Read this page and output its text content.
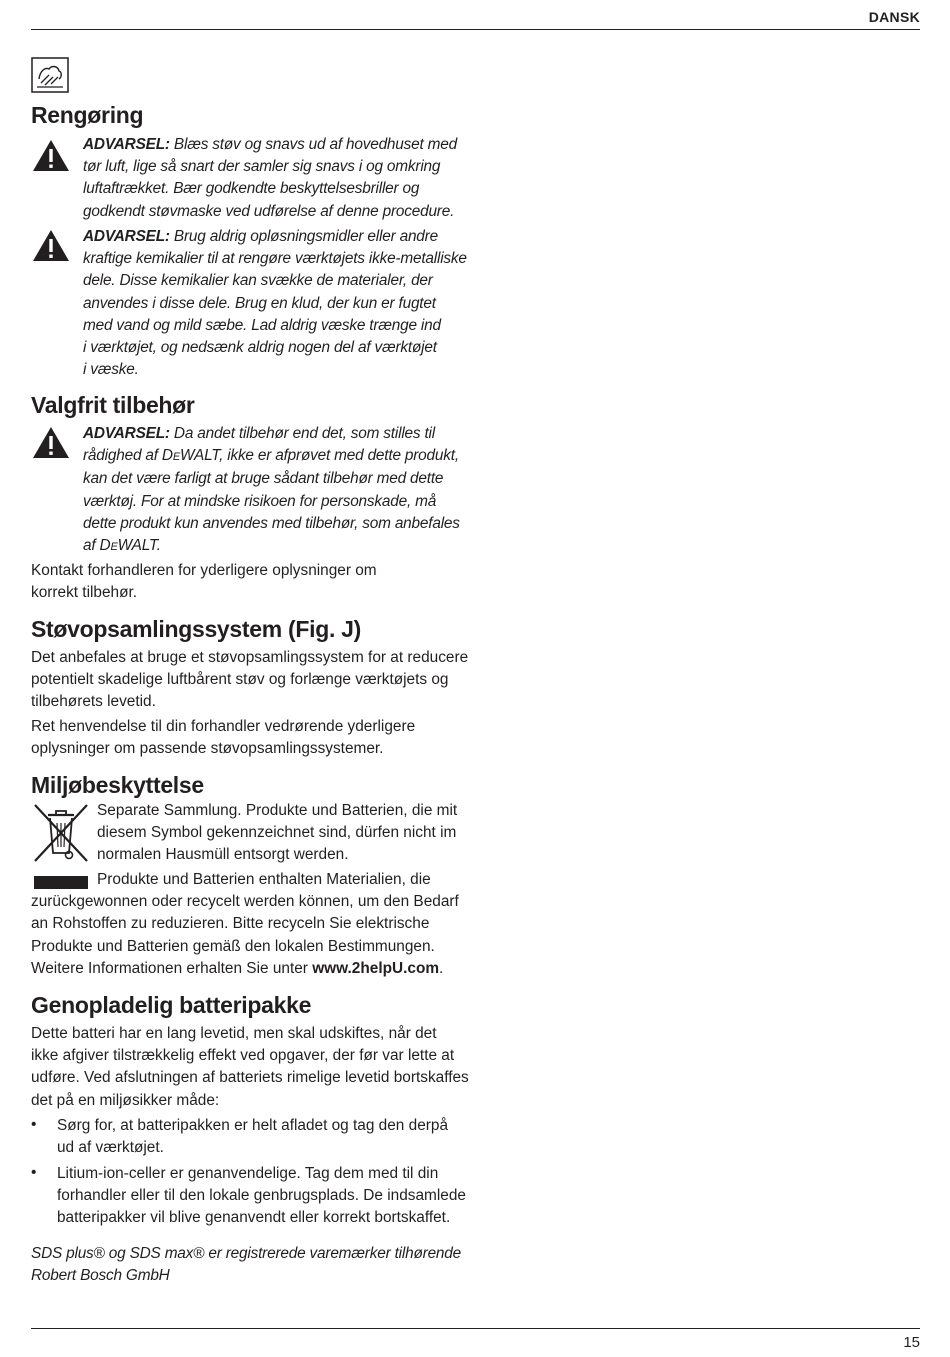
DANSK
15
Rengøring
ADVARSEL: Blæs støv og snavs ud af hovedhuset med
tør luft, lige så snart der samler sig snavs i og omkring
luftaftrækket. Bær godkendte beskyttelsesbriller og
godkendt støvmaske ved udførelse af denne procedure.
ADVARSEL: Brug aldrig opløsningsmidler eller andre
kraftige kemikalier til at rengøre værktøjets ikke-metalliske
dele. Disse kemikalier kan svække de materialer, der
anvendes i disse dele. Brug en klud, der kun er fugtet
med vand og mild sæbe. Lad aldrig væske trænge ind
i værktøjet, og nedsænk aldrig nogen del af værktøjet
i væske.
Valgfrit tilbehør
ADVARSEL: Da andet tilbehør end det, som stilles til
rådighed af DEWALT, ikke er afprøvet med dette produkt,
kan det være farligt at bruge sådant tilbehør med dette
værktøj. For at mindske risikoen for personskade, må
dette produkt kun anvendes med tilbehør, som anbefales
af DEWALT.
Kontakt forhandleren for yderligere oplysninger om
korrekt tilbehør.
Støvopsamlingssystem (Fig. J)
Det anbefales at bruge et støvopsamlingssystem for at reducere
potentielt skadelige luftbårent støv og forlænge værktøjets og
tilbehørets levetid.
Ret henvendelse til din forhandler vedrørende yderligere
oplysninger om passende støvopsamlingssystemer.
Miljøbeskyttelse
Separate Sammlung. Produkte und Batterien, die mit
diesem Symbol gekennzeichnet sind, dürfen nicht im
normalen Hausmüll entsorgt werden.
Produkte und Batterien enthalten Materialien, die
zurückgewonnen oder recycelt werden können, um den Bedarf
an Rohstoffen zu reduzieren. Bitte recyceln Sie elektrische
Produkte und Batterien gemäß den lokalen Bestimmungen.
Weitere Informationen erhalten Sie unter www.2helpU.com.
Genopladelig batteripakke
Dette batteri har en lang levetid, men skal udskiftes, når det
ikke afgiver tilstrækkelig effekt ved opgaver, der før var lette at
udføre. Ved afslutningen af batteriets rimelige levetid bortskaffes
det på en miljøsikker måde:
• Sørg for, at batteripakken er helt afladet og tag den derpå
ud af værktøjet.
• Litium-ion-celler er genanvendelige. Tag dem med til din
forhandler eller til den lokale genbrugsplads. De indsamlede
batteripakker vil blive genanvendt eller korrekt bortskaffet.
SDS plus® og SDS max® er registrerede varemærker tilhørende
Robert Bosch GmbH
